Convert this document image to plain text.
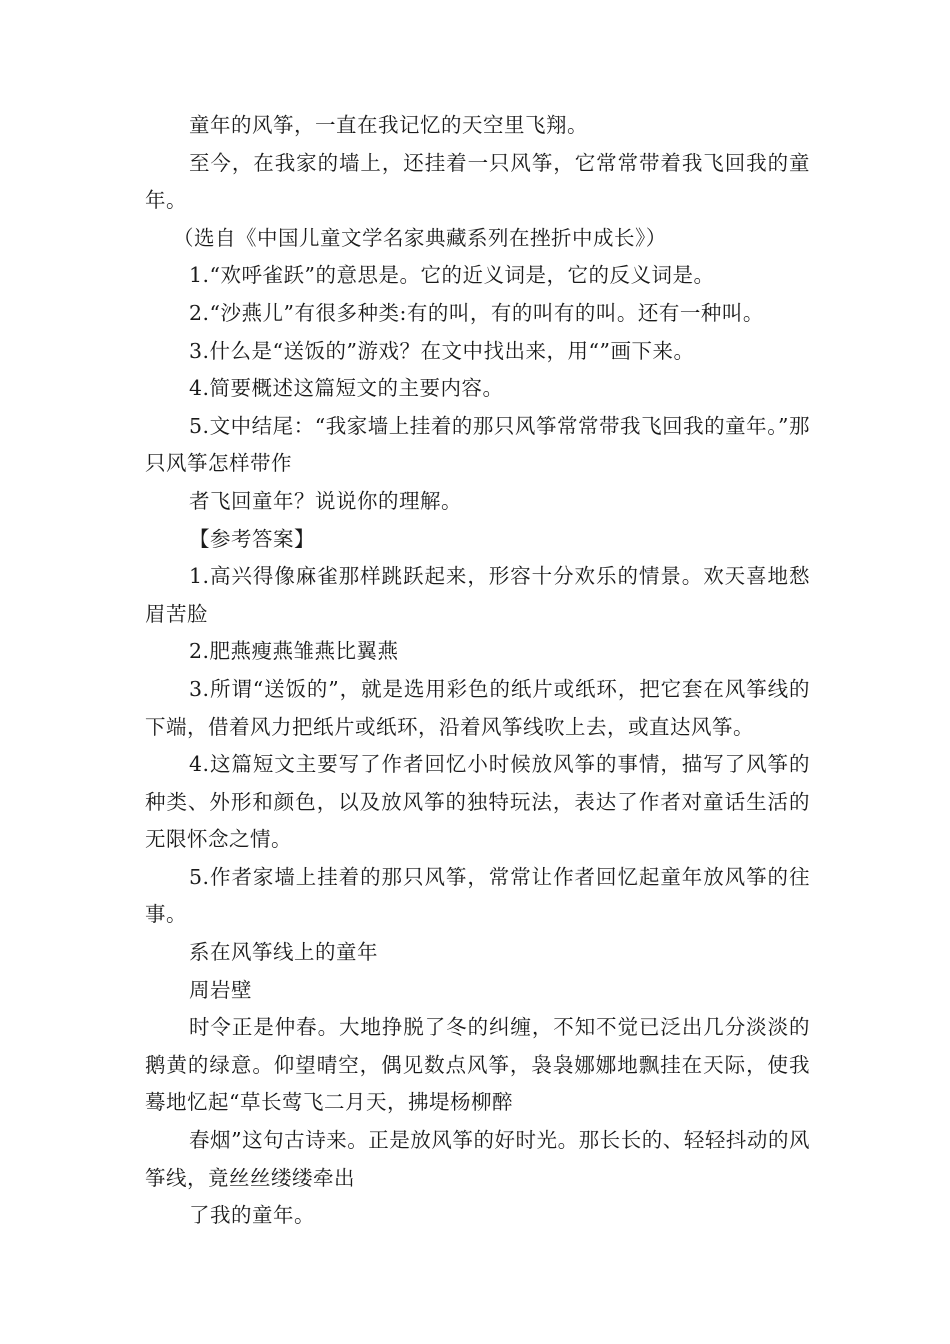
童年的风筝，一直在我记忆的天空里飞翔。

至今，在我家的墙上，还挂着一只风筝，它常常带着我飞回我的童年。

（选自《中国儿童文学名家典藏系列在挫折中成长》）

1.“欢呼雀跃”的意思是。它的近义词是，它的反义词是。

2.“沙燕儿”有很多种类:有的叫，有的叫有的叫。还有一种叫。

3.什么是“送饭的”游戏？在文中找出来，用“”画下来。

4.简要概述这篇短文的主要内容。

5.文中结尾：“我家墙上挂着的那只风筝常常带我飞回我的童年。”那只风筝怎样带作

者飞回童年？说说你的理解。

【参考答案】

1.高兴得像麻雀那样跳跃起来，形容十分欢乐的情景。欢天喜地愁眉苦脸

2.肥燕瘦燕雏燕比翼燕

3.所谓“送饭的”，就是选用彩色的纸片或纸环，把它套在风筝线的下端，借着风力把纸片或纸环，沿着风筝线吹上去，或直达风筝。

4.这篇短文主要写了作者回忆小时候放风筝的事情，描写了风筝的种类、外形和颜色，以及放风筝的独特玩法，表达了作者对童话生活的无限怀念之情。

5.作者家墙上挂着的那只风筝，常常让作者回忆起童年放风筝的往事。

系在风筝线上的童年

周岩壁

时令正是仲春。大地挣脱了冬的纠缠，不知不觉已泛出几分淡淡的鹅黄的绿意。仰望晴空，偶见数点风筝，袅袅娜娜地飘挂在天际，使我蓦地忆起“草长莺飞二月天，拂堤杨柳醉

春烟”这句古诗来。正是放风筝的好时光。那长长的、轻轻抖动的风筝线，竟丝丝缕缕牵出

了我的童年。
